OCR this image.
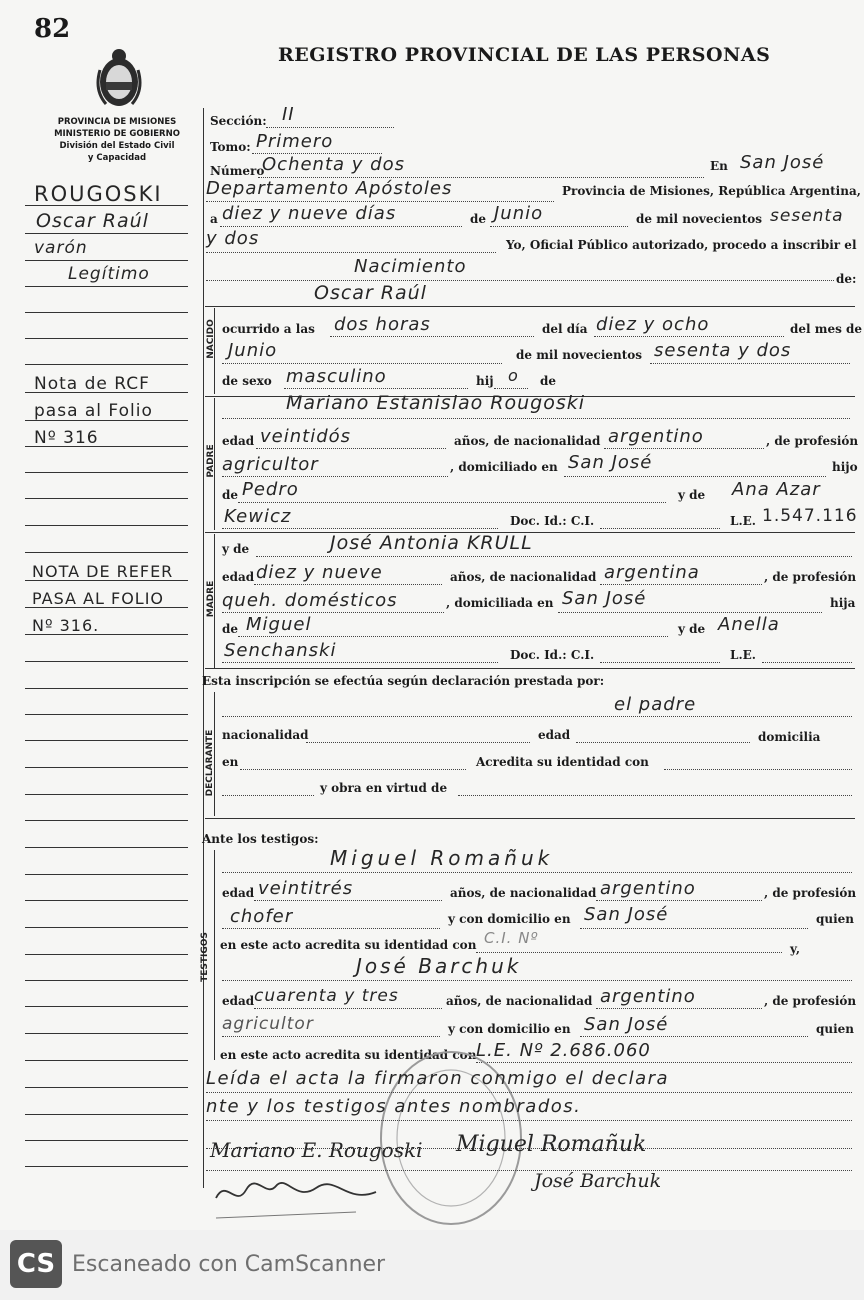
82
REGISTRO PROVINCIAL DE LAS PERSONAS
PROVINCIA DE MISIONES
MINISTERIO DE GOBIERNO
División del Estado Civil
y Capacidad
ROUGOSKI
Oscar Raúl
varón
Legítimo
Nota de RCF
pasa al Folio
Nº 316
NOTA DE REFER
PASA AL FOLIO
Nº 316.
Sección: II
Tomo: Primero
Número
Ochenta y dos	En San José
Departamento Apóstoles	Provincia de Misiones, República Argentina,
a diez y nueve días	de Junio	de mil novecientos sesenta
y dos	Yo, Oficial Público autorizado, procedo a inscribir el
Nacimiento
de:
NACIDO
Oscar Raúl
ocurrido a las dos horas	del día diez y ocho	del mes de
Junio	de mil novecientos sesenta y dos
de sexo masculino	hij o de
PADRE
Mariano Estanislao Rougoski
edad veintidós	años, de nacionalidad argentino	, de profesión
agricultor	, domiciliado en San José	hijo
de Pedro	y de Ana Azar
Kewicz	Doc. Id.: C.I.	L.E. 1.547.116
MADRE
y de	José Antonia KRULL
edad diez y nueve	años, de nacionalidad argentina	, de profesión
queh. domésticos	, domiciliada en San José	hija
de Miguel	y de Anella
Senchanski	Doc. Id.: C.I.	L.E.
Esta inscripción se efectúa según declaración prestada por:
DECLARANTE
el padre
nacionalidad	edad	domicilia
en	Acredita su identidad con
y obra en virtud de
Ante los testigos:
TESTIGOS
Miguel Romañuk
edad veintitrés	años, de nacionalidad argentino	, de profesión
chofer	y con domicilio en San José	quien
en este acto acredita su identidad con C.I. Nº
y,
José Barchuk
edad cuarenta y tres	años, de nacionalidad argentino	, de profesión
agricultor	y con domicilio en San José	quien
en este acto acredita su identidad con L.E. Nº 2.686.060
Leída el acta la firmaron conmigo el declara
nte y los testigos antes nombrados.
Mariano E. Rougoski Miguel Romañuk
José Barchuk
CS Escaneado con CamScanner
